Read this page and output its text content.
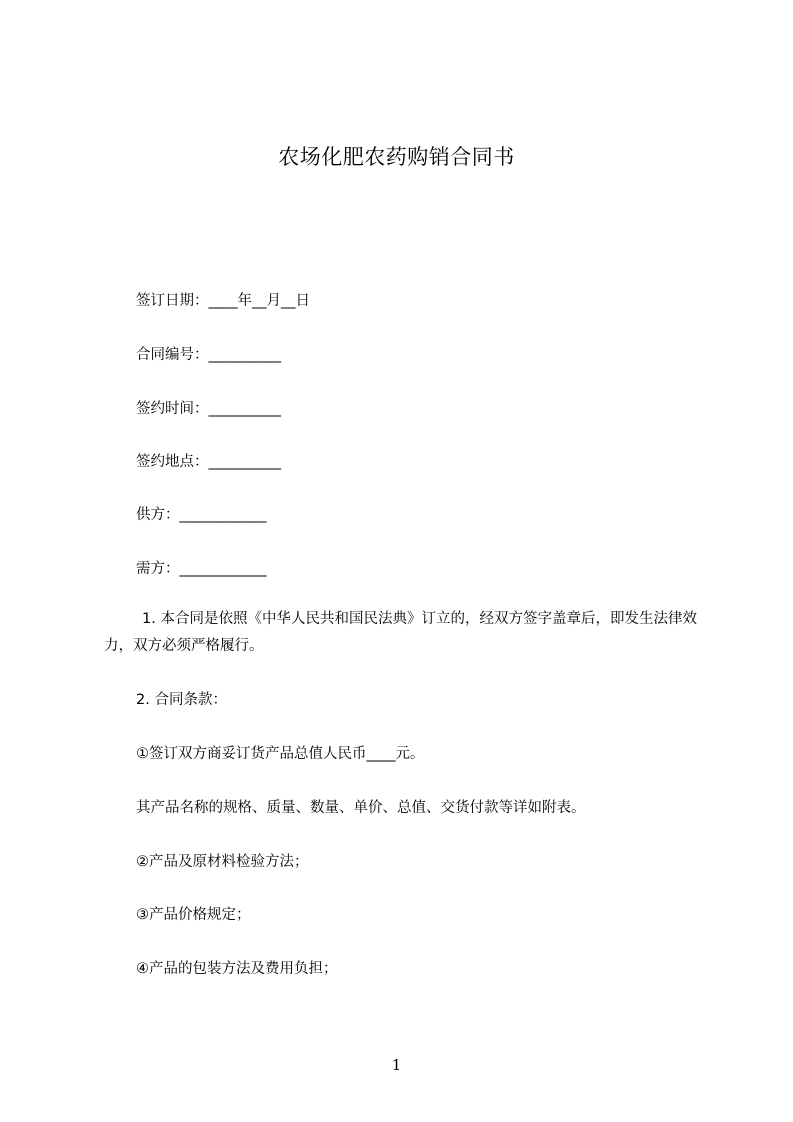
农场化肥农药购销合同书
签订日期：____年__月__日
合同编号：__________
签约时间：__________
签约地点：__________
供方：____________
需方：____________
1. 本合同是依照《中华人民共和国民法典》订立的，经双方签字盖章后，即发生法律效力，双方必须严格履行。
2. 合同条款：
①签订双方商妥订货产品总值人民币____元。
其产品名称的规格、质量、数量、单价、总值、交货付款等详如附表。
②产品及原材料检验方法；
③产品价格规定；
④产品的包装方法及费用负担；
1
